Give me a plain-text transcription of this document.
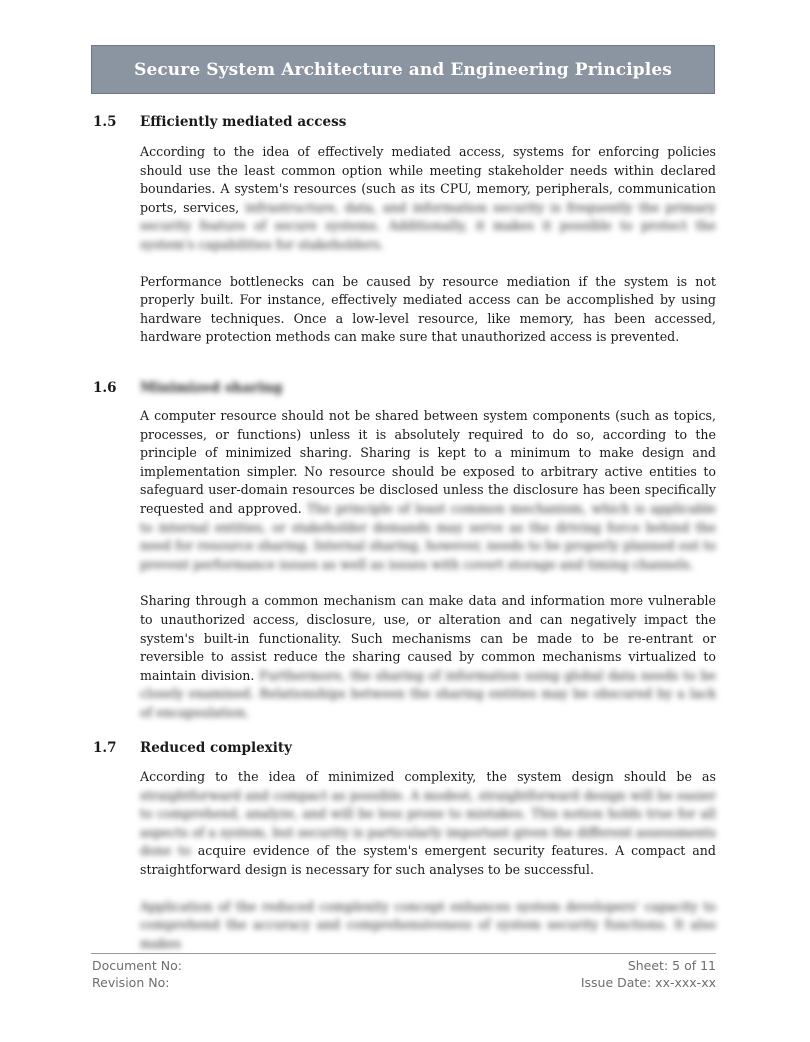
Secure System Architecture and Engineering Principles
1.5 Efficiently mediated access

According to the idea of effectively mediated access, systems for enforcing policies should use the least common option while meeting stakeholder needs within declared boundaries. A system's resources (such as its CPU, memory, peripherals, communication ports, services, infrastructure, data, and information security is frequently the primary security feature of secure systems. Additionally, it makes it possible to protect the system's capabilities for stakeholders.

Performance bottlenecks can be caused by resource mediation if the system is not properly built. For instance, effectively mediated access can be accomplished by using hardware techniques. Once a low-level resource, like memory, has been accessed, hardware protection methods can make sure that unauthorized access is prevented.

1.6 Minimized sharing

A computer resource should not be shared between system components (such as topics, processes, or functions) unless it is absolutely required to do so, according to the principle of minimized sharing. Sharing is kept to a minimum to make design and implementation simpler. No resource should be exposed to arbitrary active entities to safeguard user-domain resources be disclosed unless the disclosure has been specifically requested and approved. The principle of least common mechanism, which is applicable to internal entities, or stakeholder demands may serve as the driving force behind the need for resource sharing. Internal sharing, however, needs to be properly planned out to prevent performance issues as well as issues with covert storage and timing channels.

Sharing through a common mechanism can make data and information more vulnerable to unauthorized access, disclosure, use, or alteration and can negatively impact the system's built-in functionality. Such mechanisms can be made to be re-entrant or reversible to assist reduce the sharing caused by common mechanisms virtualized to maintain division. Furthermore, the sharing of information using global data needs to be closely examined. Relationships between the sharing entities may be obscured by a lack of encapsulation.

1.7 Reduced complexity

According to the idea of minimized complexity, the system design should be as straightforward and compact as possible. A modest, straightforward design will be easier to comprehend, analyze, and will be less prone to mistakes. This notion holds true for all aspects of a system, but security is particularly important given the different assessments done to acquire evidence of the system's emergent security features. A compact and straightforward design is necessary for such analyses to be successful.

Application of the reduced complexity concept enhances system developers' capacity to comprehend the accuracy and comprehensiveness of system security functions. It also makes

Document No:	Sheet: 5 of 11
Revision No:	Issue Date: xx-xxx-xx
